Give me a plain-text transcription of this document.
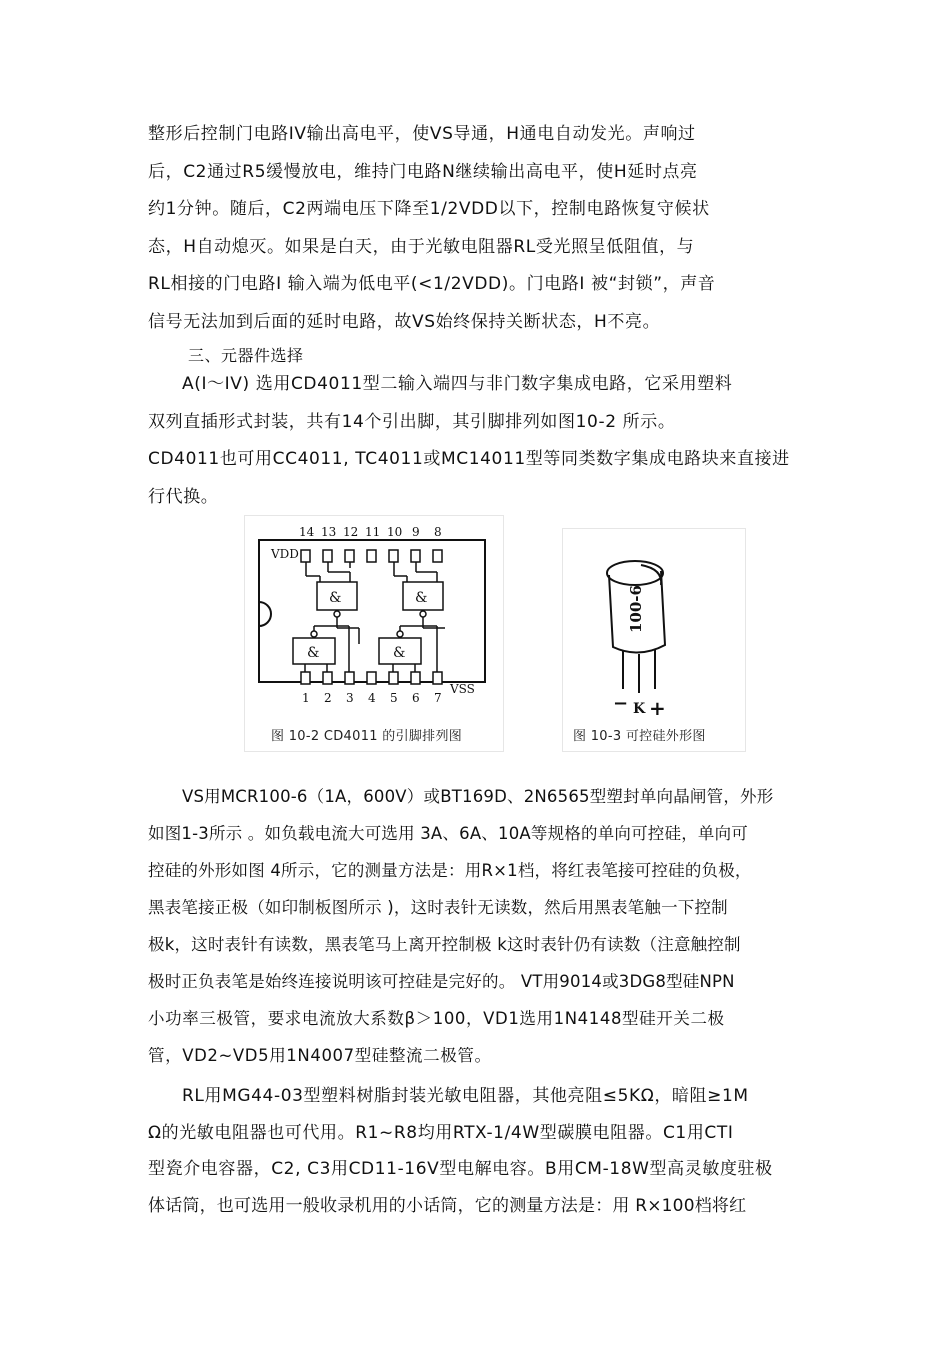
整形后控制门电路IV输出高电平，使VS导通，H通电自动发光。声响过
后，C2通过R5缓慢放电，维持门电路N继续输出高电平，使H延时点亮
约1分钟。随后，C2两端电压下降至1/2VDD以下，控制电路恢复守候状
态，H自动熄灭。如果是白天，由于光敏电阻器RL受光照呈低阻值，与
RL相接的门电路I 输入端为低电平(<1/2VDD)。门电路I 被“封锁”，声音
信号无法加到后面的延时电路，故VS始终保持关断状态，H不亮。
三、元器件选择
A(I～IV) 选用CD4011型二输入端四与非门数字集成电路，它采用塑料
双列直插形式封装，共有14个引出脚，其引脚排列如图10-2 所示。
CD4011也可用CC4011, TC4011或MC14011型等同类数字集成电路块来直接进
行代换。
14 13 12 11 10 9 8
1 2 3 4 5 6 7
VDD
VSS
&	&
&	&
图 10-2 CD4011 的引脚排列图
100-6
− K +
图 10-3 可控硅外形图
VS用MCR100-6（1A，600V）或BT169D、2N6565型塑封单向晶闸管，外形
如图1-3所示 。如负载电流大可选用 3A、6A、10A等规格的单向可控硅，单向可
控硅的外形如图 4所示，它的测量方法是：用R×1档，将红表笔接可控硅的负极，
黑表笔接正极（如印制板图所示 )，这时表针无读数，然后用黑表笔触一下控制
极k，这时表针有读数，黑表笔马上离开控制极 k这时表针仍有读数（注意触控制
极时正负表笔是始终连接说明该可控硅是完好的。 VT用9014或3DG8型硅NPN
小功率三极管，要求电流放大系数β＞100，VD1选用1N4148型硅开关二极
管，VD2~VD5用1N4007型硅整流二极管。
RL用MG44-03型塑料树脂封装光敏电阻器，其他亮阻≤5KΩ，暗阻≥1M
Ω的光敏电阻器也可代用。R1~R8均用RTX-1/4W型碳膜电阻器。C1用CTI
型瓷介电容器，C2, C3用CD11-16V型电解电容。B用CM-18W型高灵敏度驻极
体话筒，也可选用一般收录机用的小话筒，它的测量方法是：用 R×100档将红
